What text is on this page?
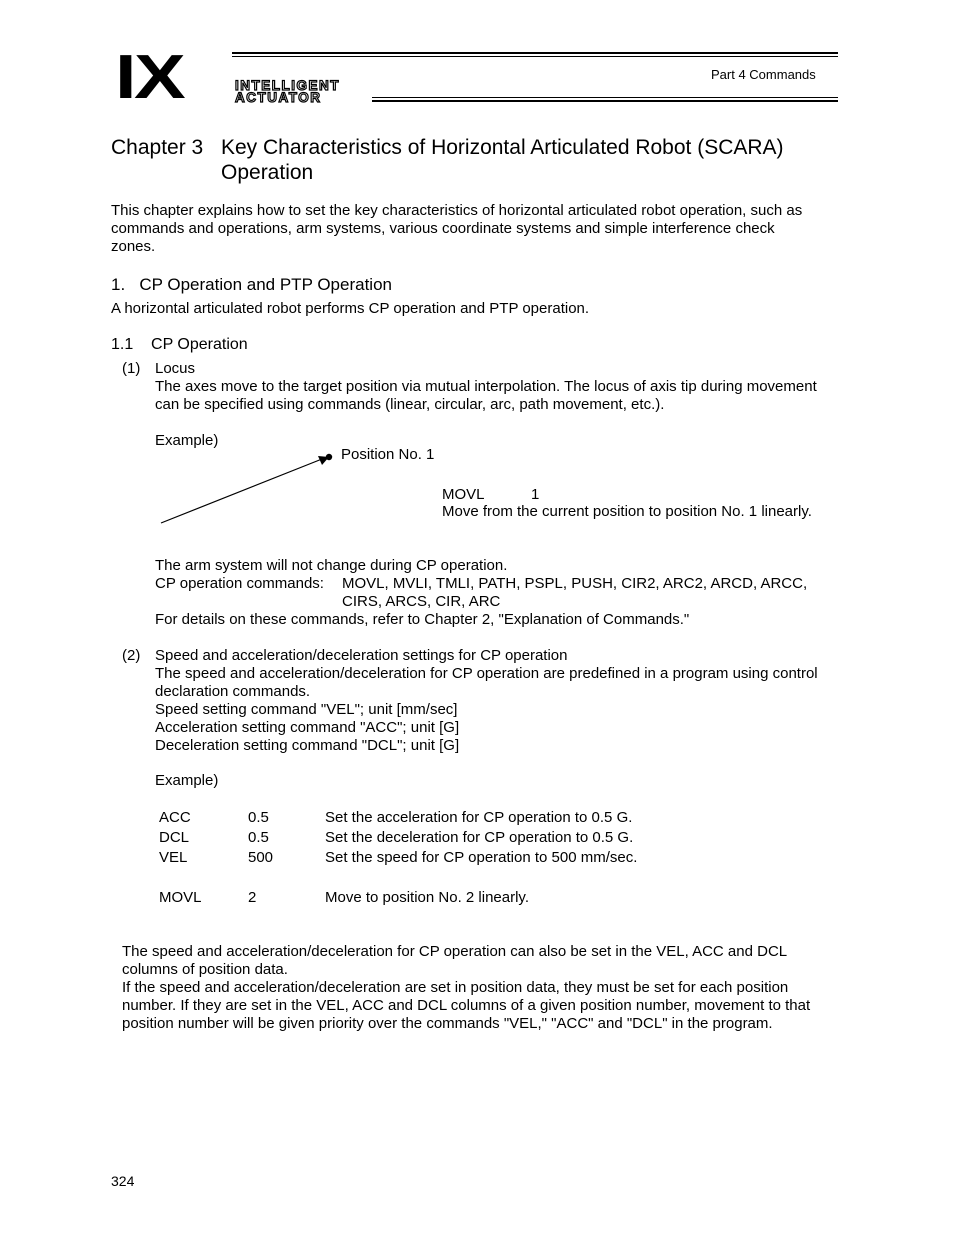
IX	INTELLIGENT
ACTUATOR
Part 4 Commands
Chapter 3 Key Characteristics of Horizontal Articulated Robot (SCARA)
Operation
This chapter explains how to set the key characteristics of horizontal articulated robot operation, such as
commands and operations, arm systems, various coordinate systems and simple interference check
zones.
1.   CP Operation and PTP Operation
A horizontal articulated robot performs CP operation and PTP operation.
1.1    CP Operation
(1) Locus
The axes move to the target position via mutual interpolation. The locus of axis tip during movement
can be specified using commands (linear, circular, arc, path movement, etc.).
Example)
Position No. 1
MOVL	1
Move from the current position to position No. 1 linearly.
The arm system will not change during CP operation.
CP operation commands: MOVL, MVLI, TMLI, PATH, PSPL, PUSH, CIR2, ARC2, ARCD, ARCC,
CIRS, ARCS, CIR, ARC
For details on these commands, refer to Chapter 2, "Explanation of Commands."
(2) Speed and acceleration/deceleration settings for CP operation
The speed and acceleration/deceleration for CP operation are predefined in a program using control
declaration commands.
Speed setting command "VEL"; unit [mm/sec]
Acceleration setting command "ACC"; unit [G]
Deceleration setting command "DCL"; unit [G]
Example)
ACC	0.5	Set the acceleration for CP operation to 0.5 G.
DCL	0.5	Set the deceleration for CP operation to 0.5 G.
VEL	500	Set the speed for CP operation to 500 mm/sec.
MOVL	2	Move to position No. 2 linearly.
The speed and acceleration/deceleration for CP operation can also be set in the VEL, ACC and DCL
columns of position data.
If the speed and acceleration/deceleration are set in position data, they must be set for each position
number. If they are set in the VEL, ACC and DCL columns of a given position number, movement to that
position number will be given priority over the commands "VEL," "ACC" and "DCL" in the program.
324
